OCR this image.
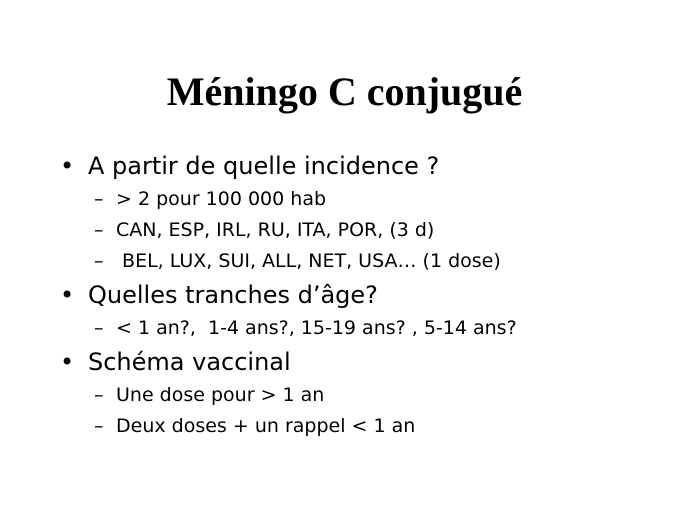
Méningo C conjugué
• A partir de quelle incidence ?
– > 2 pour 100 000 hab
– CAN, ESP, IRL, RU, ITA, POR, (3 d)
– BEL, LUX, SUI, ALL, NET, USA… (1 dose)
• Quelles tranches d’âge?
– < 1 an?,  1-4 ans?, 15-19 ans? , 5-14 ans?
• Schéma vaccinal
– Une dose pour > 1 an
– Deux doses + un rappel < 1 an
